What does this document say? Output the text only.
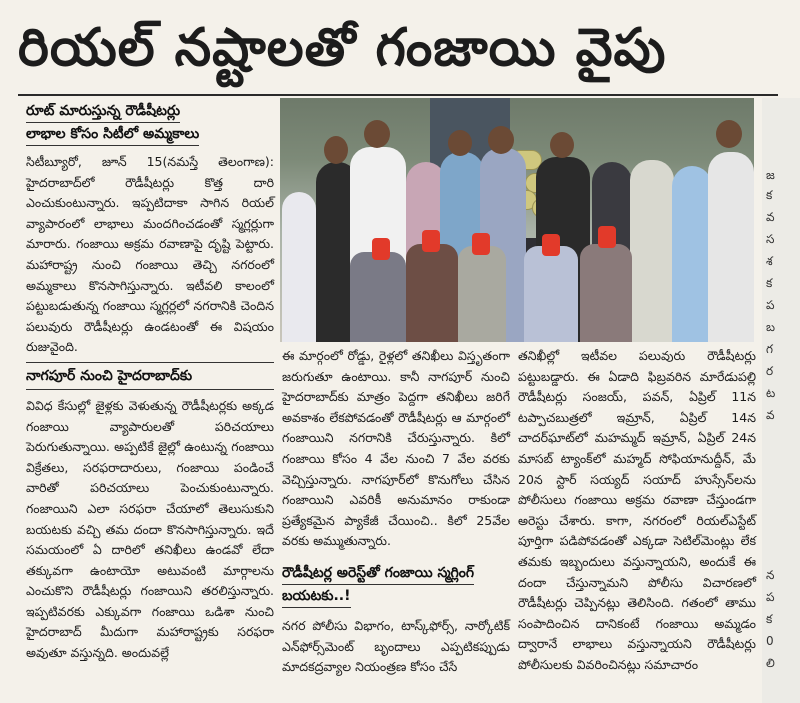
రియల్ నష్టాలతో గంజాయి వైపు
రూట్ మారుస్తున్న రౌడీషీటర్లు
లాభాల కోసం సిటీలో అమ్మకాలు

సిటీబ్యూరో, జూన్ 15(నమస్తే తెలంగాణ): హైదరాబాద్‌లో రౌడీషీటర్లు కొత్త దారి ఎంచుకుంటున్నారు. ఇప్పటిదాకా సాగిన రియల్ వ్యాపారంలో లాభాలు మందగించడంతో స్మగ్లర్లుగా మారారు. గంజాయి అక్రమ రవాణాపై దృష్టి పెట్టారు. మహారాష్ట్ర నుంచి గంజాయి తెచ్చి నగరంలో అమ్మకాలు కొనసాగిస్తున్నారు. ఇటీవలి కాలంలో పట్టుబడుతున్న గంజాయి స్మగ్లర్లలో నగరానికి చెందిన పలువురు రౌడీషీటర్లు ఉండటంతో ఈ విషయం రుజువైంది.

నాగపూర్ నుంచి హైదరాబాద్‌కు

వివిధ కేసుల్లో జైళ్లకు వెళుతున్న రౌడీషీటర్లకు అక్కడ గంజాయి వ్యాపారులతో పరిచయాలు పెరుగుతున్నాయి. అప్పటికే జైల్లో ఉంటున్న గంజాయి విక్రేతలు, సరఫరాదారులు, గంజాయి పండించే వారితో పరిచయాలు పెంచుకుంటున్నారు. గంజాయిని ఎలా సరఫరా చేయాలో తెలుసుకుని బయటకు వచ్చి తమ దందా కొనసాగిస్తున్నారు. ఇదే సమయంలో ఏ దారిలో తనిఖీలు ఉండవో లేదా తక్కువగా ఉంటాయో అటువంటి మార్గాలను ఎంచుకొని రౌడీషీటర్లు గంజాయిని తరలిస్తున్నారు. ఇప్పటివరకు ఎక్కువగా గంజాయి ఒడిశా నుంచి హైదరాబాద్ మీదుగా మహారాష్ట్రకు సరఫరా అవుతూ వస్తున్నది. అందువల్లే

ఈ మార్గంలో రోడ్డు, రైళ్లలో తనిఖీలు విస్తృతంగా జరుగుతూ ఉంటాయి. కానీ నాగపూర్ నుంచి హైదరాబాద్‌కు మాత్రం పెద్దగా తనిఖీలు జరిగే అవకాశం లేకపోవడంతో రౌడీషీటర్లు ఆ మార్గంలో గంజాయిని నగరానికి చేరుస్తున్నారు. కిలో గంజాయి కోసం 4 వేల నుంచి 7 వేల వరకు వెచ్చిస్తున్నారు. నాగపూర్‌లో కొనుగోలు చేసిన గంజాయిని ఎవరికీ అనుమానం రాకుండా ప్రత్యేకమైన ప్యాకేజీ చేయించి.. కిలో 25వేల వరకు అమ్ముతున్నారు.

రౌడీషీటర్ల అరెస్ట్‌తో గంజాయి స్మగ్లింగ్
బయటకు..!

నగర పోలీసు విభాగం, టాస్క్‌ఫోర్స్, నార్కోటిక్ ఎన్‌ఫోర్స్‌మెంట్ బృందాలు ఎప్పటికప్పుడు మాదకద్రవ్యాల నియంత్రణ కోసం చేసే

తనిఖీల్లో ఇటీవల పలువురు రౌడీషీటర్లు పట్టుబడ్డారు. ఈ ఏడాది ఫిబ్రవరిన మారేడుపల్లి రౌడీషీటర్లు సంజయ్, పవన్, ఏప్రిల్ 11న టప్పాచబుత్రలో ఇమ్రాన్, ఏప్రిల్ 14న చాదర్‌ఘాట్‌లో మహమ్మద్ ఇమ్రాన్, ఏప్రిల్ 24న మాసబ్ ట్యాంక్‌లో మహ్మద్ సోఫియానుద్దీన్, మే 20న స్టార్ సయ్యద్ సయాద్ హుస్సేన్‌లను పోలీసులు గంజాయి అక్రమ రవాణా చేస్తుండగా అరెస్టు చేశారు. కాగా, నగరంలో రియల్‌ఎస్టేట్ పూర్తిగా పడిపోవడంతో ఎక్కడా సెటిల్‌మెంట్లు లేక తమకు ఇబ్బందులు వస్తున్నాయని, అందుకే ఈ దందా చేస్తున్నామని పోలీసు విచారణలో రౌడీషీటర్లు చెప్పినట్లు తెలిసింది. గతంలో తాము సంపాదించిన దానికంటే గంజాయి అమ్మడం ద్వారానే లాభాలు వస్తున్నాయని రౌడీషీటర్లు పోలీసులకు వివరించినట్లు సమాచారం

జ
క
వ
స
శ
క
ప
బ
గ
ర
ట
వ
న
ప
క
0
లి
